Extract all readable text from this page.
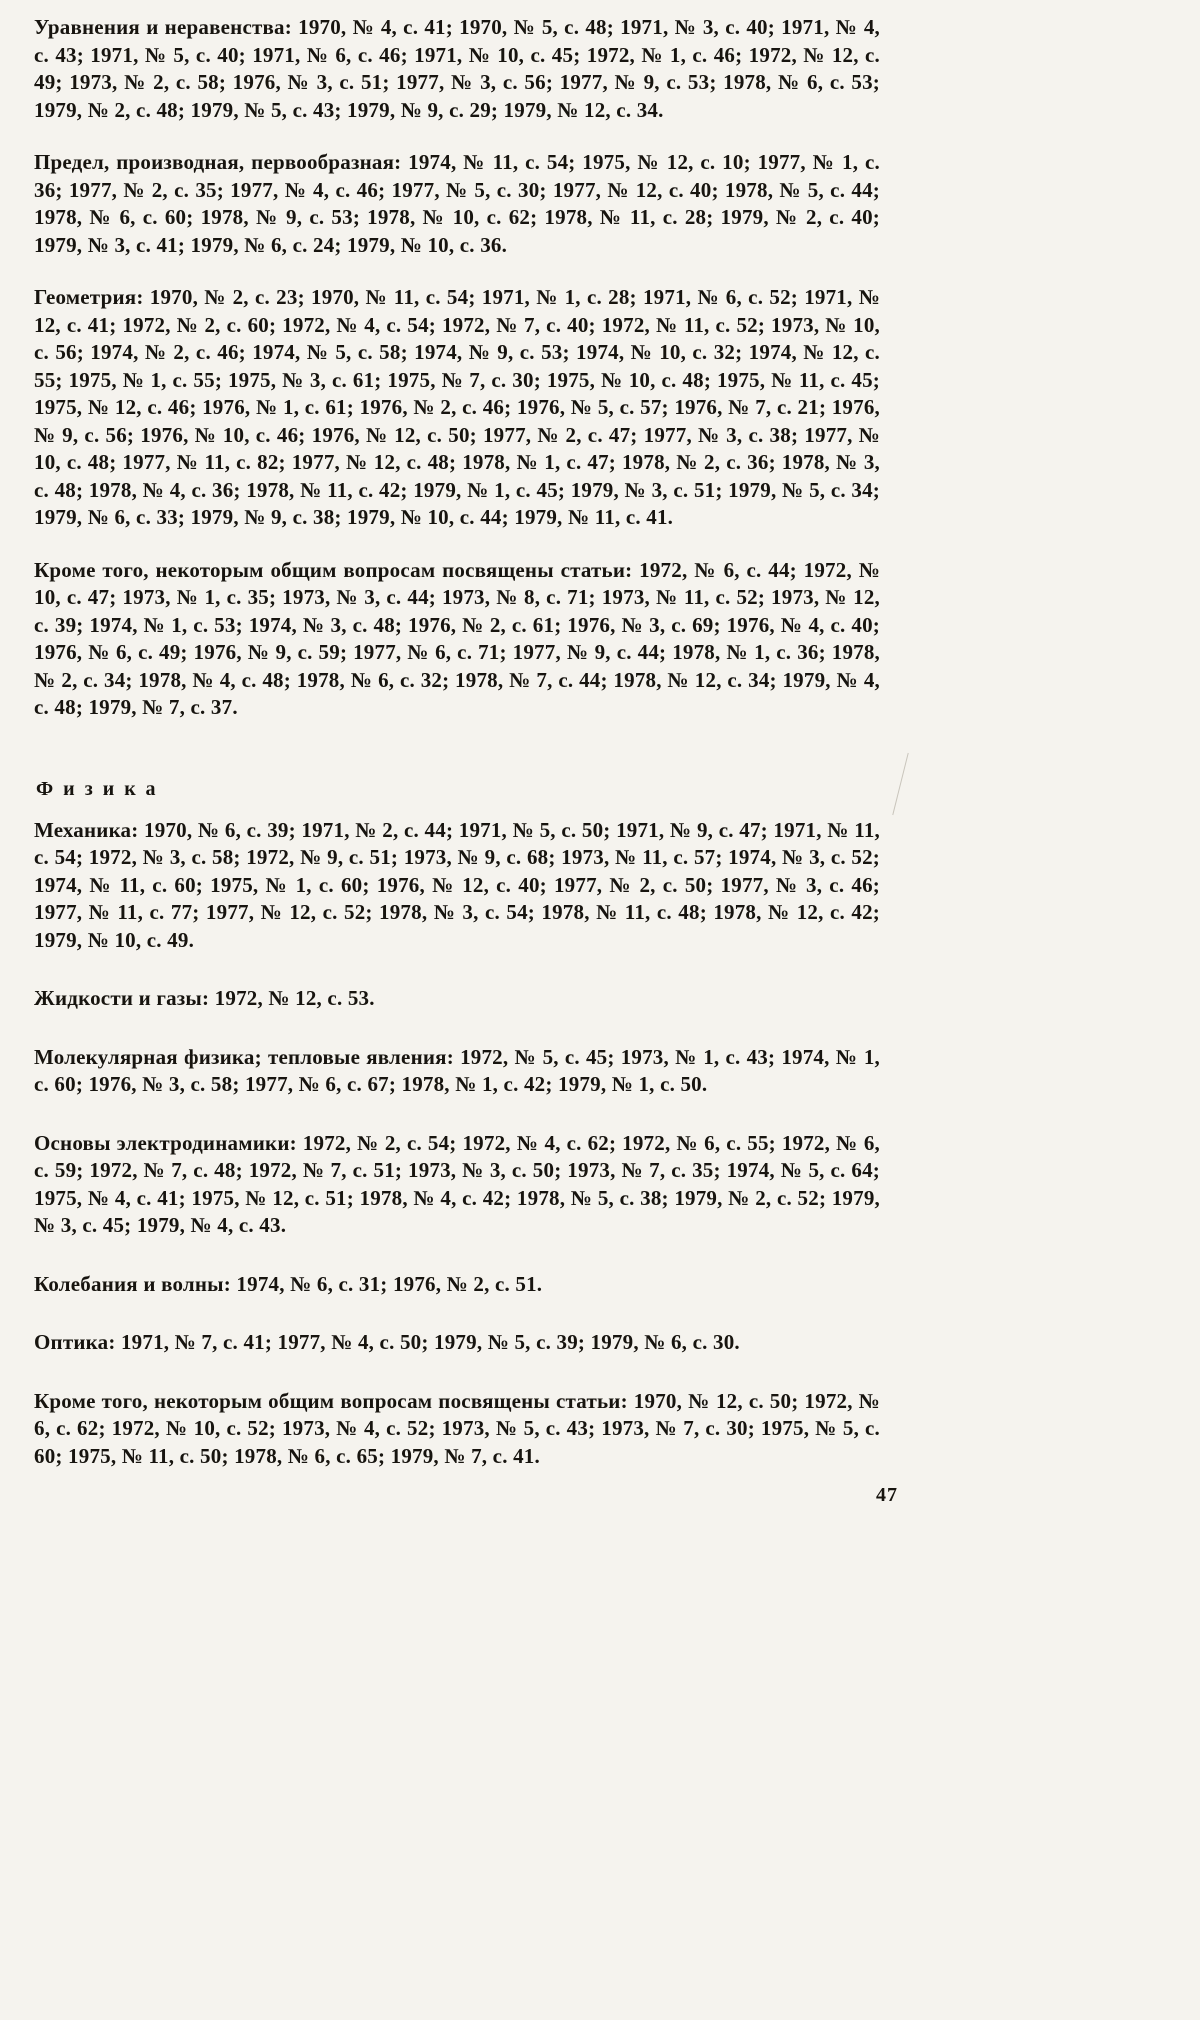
Уравнения и неравенства: 1970, № 4, с. 41; 1970, № 5, с. 48; 1971, № 3, с. 40; 1971, № 4, с. 43; 1971, № 5, с. 40; 1971, № 6, с. 46; 1971, № 10, с. 45; 1972, № 1, с. 46; 1972, № 12, с. 49; 1973, № 2, с. 58; 1976, № 3, с. 51; 1977, № 3, с. 56; 1977, № 9, с. 53; 1978, № 6, с. 53; 1979, № 2, с. 48; 1979, № 5, с. 43; 1979, № 9, с. 29; 1979, № 12, с. 34.

Предел, производная, первообразная: 1974, № 11, с. 54; 1975, № 12, с. 10; 1977, № 1, с. 36; 1977, № 2, с. 35; 1977, № 4, с. 46; 1977, № 5, с. 30; 1977, № 12, с. 40; 1978, № 5, с. 44; 1978, № 6, с. 60; 1978, № 9, с. 53; 1978, № 10, с. 62; 1978, № 11, с. 28; 1979, № 2, с. 40; 1979, № 3, с. 41; 1979, № 6, с. 24; 1979, № 10, с. 36.

Геометрия: 1970, № 2, с. 23; 1970, № 11, с. 54; 1971, № 1, с. 28; 1971, № 6, с. 52; 1971, № 12, с. 41; 1972, № 2, с. 60; 1972, № 4, с. 54; 1972, № 7, с. 40; 1972, № 11, с. 52; 1973, № 10, с. 56; 1974, № 2, с. 46; 1974, № 5, с. 58; 1974, № 9, с. 53; 1974, № 10, с. 32; 1974, № 12, с. 55; 1975, № 1, с. 55; 1975, № 3, с. 61; 1975, № 7, с. 30; 1975, № 10, с. 48; 1975, № 11, с. 45; 1975, № 12, с. 46; 1976, № 1, с. 61; 1976, № 2, с. 46; 1976, № 5, с. 57; 1976, № 7, с. 21; 1976, № 9, с. 56; 1976, № 10, с. 46; 1976, № 12, с. 50; 1977, № 2, с. 47; 1977, № 3, с. 38; 1977, № 10, с. 48; 1977, № 11, с. 82; 1977, № 12, с. 48; 1978, № 1, с. 47; 1978, № 2, с. 36; 1978, № 3, с. 48; 1978, № 4, с. 36; 1978, № 11, с. 42; 1979, № 1, с. 45; 1979, № 3, с. 51; 1979, № 5, с. 34; 1979, № 6, с. 33; 1979, № 9, с. 38; 1979, № 10, с. 44; 1979, № 11, с. 41.

Кроме того, некоторым общим вопросам посвящены статьи: 1972, № 6, с. 44; 1972, № 10, с. 47; 1973, № 1, с. 35; 1973, № 3, с. 44; 1973, № 8, с. 71; 1973, № 11, с. 52; 1973, № 12, с. 39; 1974, № 1, с. 53; 1974, № 3, с. 48; 1976, № 2, с. 61; 1976, № 3, с. 69; 1976, № 4, с. 40; 1976, № 6, с. 49; 1976, № 9, с. 59; 1977, № 6, с. 71; 1977, № 9, с. 44; 1978, № 1, с. 36; 1978, № 2, с. 34; 1978, № 4, с. 48; 1978, № 6, с. 32; 1978, № 7, с. 44; 1978, № 12, с. 34; 1979, № 4, с. 48; 1979, № 7, с. 37.

Физика

Механика: 1970, № 6, с. 39; 1971, № 2, с. 44; 1971, № 5, с. 50; 1971, № 9, с. 47; 1971, № 11, с. 54; 1972, № 3, с. 58; 1972, № 9, с. 51; 1973, № 9, с. 68; 1973, № 11, с. 57; 1974, № 3, с. 52; 1974, № 11, с. 60; 1975, № 1, с. 60; 1976, № 12, с. 40; 1977, № 2, с. 50; 1977, № 3, с. 46; 1977, № 11, с. 77; 1977, № 12, с. 52; 1978, № 3, с. 54; 1978, № 11, с. 48; 1978, № 12, с. 42; 1979, № 10, с. 49.

Жидкости и газы: 1972, № 12, с. 53.

Молекулярная физика; тепловые явления: 1972, № 5, с. 45; 1973, № 1, с. 43; 1974, № 1, с. 60; 1976, № 3, с. 58; 1977, № 6, с. 67; 1978, № 1, с. 42; 1979, № 1, с. 50.

Основы электродинамики: 1972, № 2, с. 54; 1972, № 4, с. 62; 1972, № 6, с. 55; 1972, № 6, с. 59; 1972, № 7, с. 48; 1972, № 7, с. 51; 1973, № 3, с. 50; 1973, № 7, с. 35; 1974, № 5, с. 64; 1975, № 4, с. 41; 1975, № 12, с. 51; 1978, № 4, с. 42; 1978, № 5, с. 38; 1979, № 2, с. 52; 1979, № 3, с. 45; 1979, № 4, с. 43.

Колебания и волны: 1974, № 6, с. 31; 1976, № 2, с. 51.

Оптика: 1971, № 7, с. 41; 1977, № 4, с. 50; 1979, № 5, с. 39; 1979, № 6, с. 30.

Кроме того, некоторым общим вопросам посвящены статьи: 1970, № 12, с. 50; 1972, № 6, с. 62; 1972, № 10, с. 52; 1973, № 4, с. 52; 1973, № 5, с. 43; 1973, № 7, с. 30; 1975, № 5, с. 60; 1975, № 11, с. 50; 1978, № 6, с. 65; 1979, № 7, с. 41.

47
